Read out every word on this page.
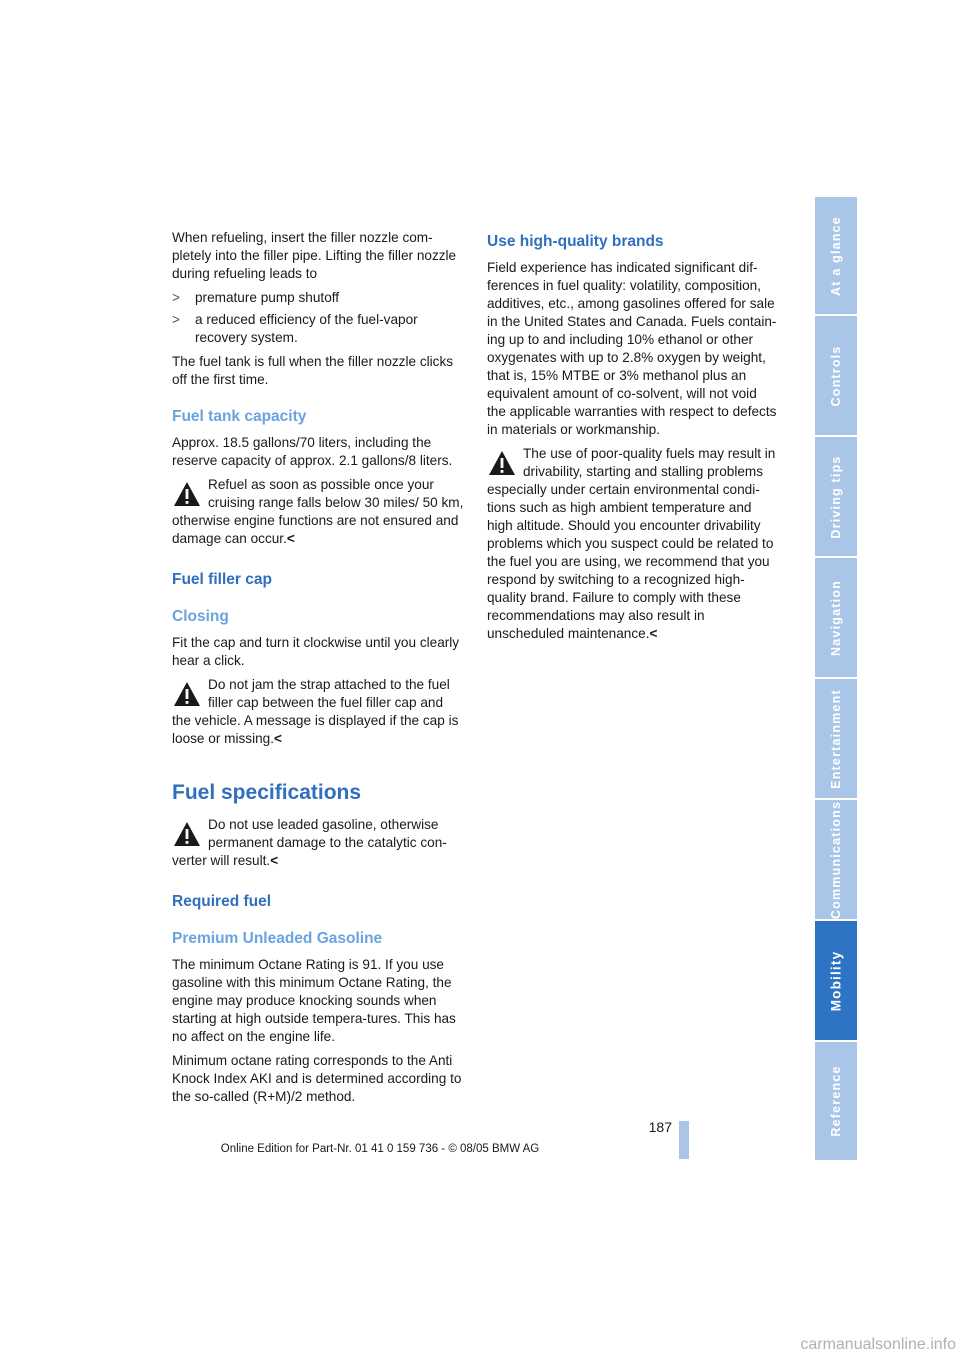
When refueling, insert the filler nozzle com-pletely into the filler pipe. Lifting the filler nozzle during refueling leads to

> premature pump shutoff
> a reduced efficiency of the fuel-vapor recovery system.

The fuel tank is full when the filler nozzle clicks off the first time.

Fuel tank capacity

Approx. 18.5 gallons/70 liters, including the reserve capacity of approx. 2.1 gallons/8 liters.

Refuel as soon as possible once your cruising range falls below 30 miles/ 50 km, otherwise engine functions are not ensured and damage can occur.<
Fuel filler cap
Closing

Fit the cap and turn it clockwise until you clearly hear a click.

Do not jam the strap attached to the fuel filler cap between the fuel filler cap and the vehicle. A message is displayed if the cap is loose or missing.<
Fuel specifications
Do not use leaded gasoline, otherwise permanent damage to the catalytic con-verter will result.<
Required fuel
Premium Unleaded Gasoline

The minimum Octane Rating is 91. If you use gasoline with this minimum Octane Rating, the engine may produce knocking sounds when starting at high outside tempera-tures. This has no affect on the engine life.

Minimum octane rating corresponds to the Anti Knock Index AKI and is determined according to the so-called (R+M)/2 method.

Use high-quality brands

Field experience has indicated significant dif-ferences in fuel quality: volatility, composition, additives, etc., among gasolines offered for sale in the United States and Canada. Fuels contain-ing up to and including 10% ethanol or other oxygenates with up to 2.8% oxygen by weight, that is, 15% MTBE or 3% methanol plus an equivalent amount of co-solvent, will not void the applicable warranties with respect to defects in materials or workmanship.

The use of poor-quality fuels may result in drivability, starting and stalling problems especially under certain environmental condi-tions such as high ambient temperature and high altitude. Should you encounter drivability problems which you suspect could be related to the fuel you are using, we recommend that you respond by switching to a recognized high-quality brand. Failure to comply with these recommendations may also result in unscheduled maintenance.<
At a glance
Controls
Driving tips
Navigation
Entertainment
Communications
Mobility
Reference
187
Online Edition for Part-Nr. 01 41 0 159 736 - © 08/05 BMW AG
carmanualsonline.info
